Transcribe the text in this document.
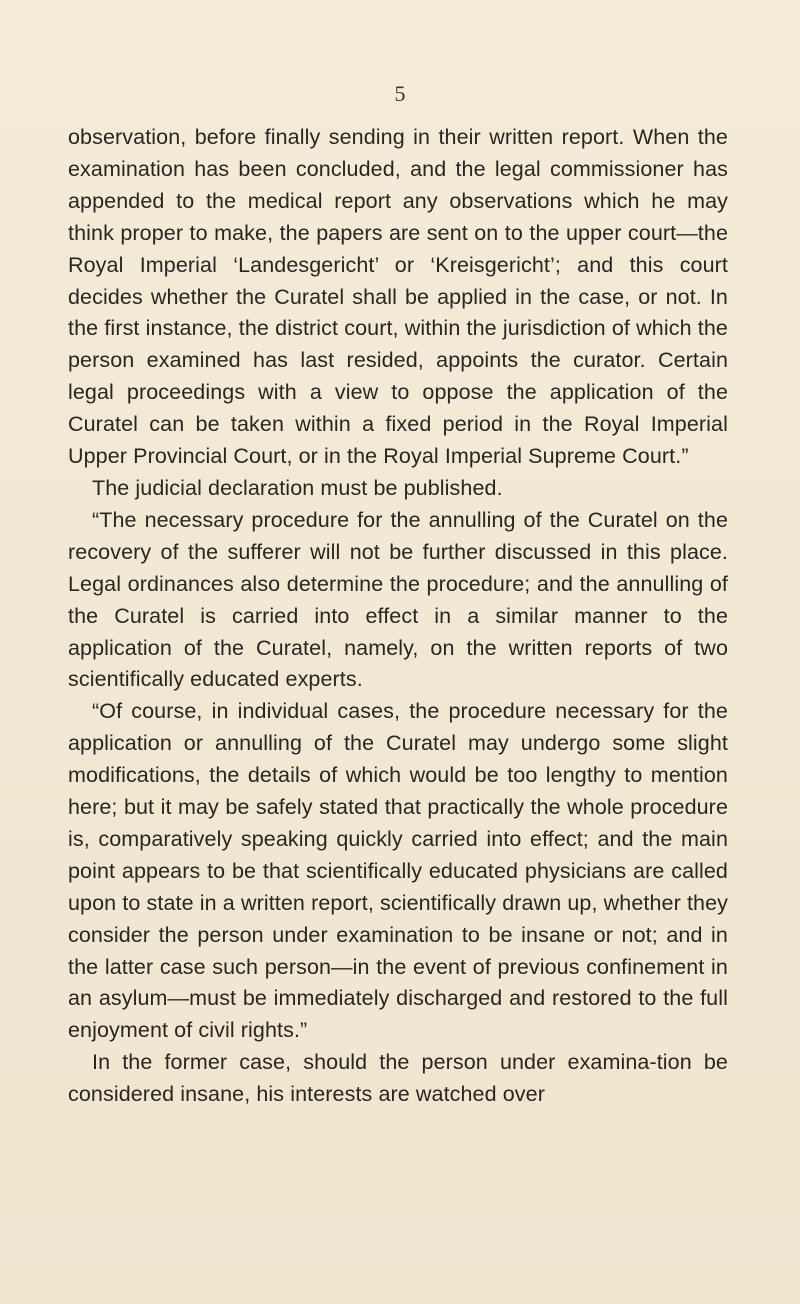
5

observation, before finally sending in their written report. When the examination has been concluded, and the legal commissioner has appended to the medical report any observations which he may think proper to make, the papers are sent on to the upper court—the Royal Imperial ‘Landesgericht’ or ‘Kreisgericht’; and this court decides whether the Curatel shall be applied in the case, or not. In the first instance, the district court, within the jurisdiction of which the person examined has last resided, appoints the curator. Certain legal proceedings with a view to oppose the application of the Curatel can be taken within a fixed period in the Royal Imperial Upper Provincial Court, or in the Royal Imperial Supreme Court.”

The judicial declaration must be published.

“The necessary procedure for the annulling of the Curatel on the recovery of the sufferer will not be further discussed in this place. Legal ordinances also determine the procedure; and the annulling of the Curatel is carried into effect in a similar manner to the application of the Curatel, namely, on the written reports of two scientifically educated experts.

“Of course, in individual cases, the procedure necessary for the application or annulling of the Curatel may undergo some slight modifications, the details of which would be too lengthy to mention here; but it may be safely stated that practically the whole procedure is, comparatively speaking quickly carried into effect; and the main point appears to be that scientifically educated physicians are called upon to state in a written report, scientifically drawn up, whether they consider the person under examination to be insane or not; and in the latter case such person—in the event of previous confinement in an asylum—must be immediately discharged and restored to the full enjoyment of civil rights.”

In the former case, should the person under examina-tion be considered insane, his interests are watched over
